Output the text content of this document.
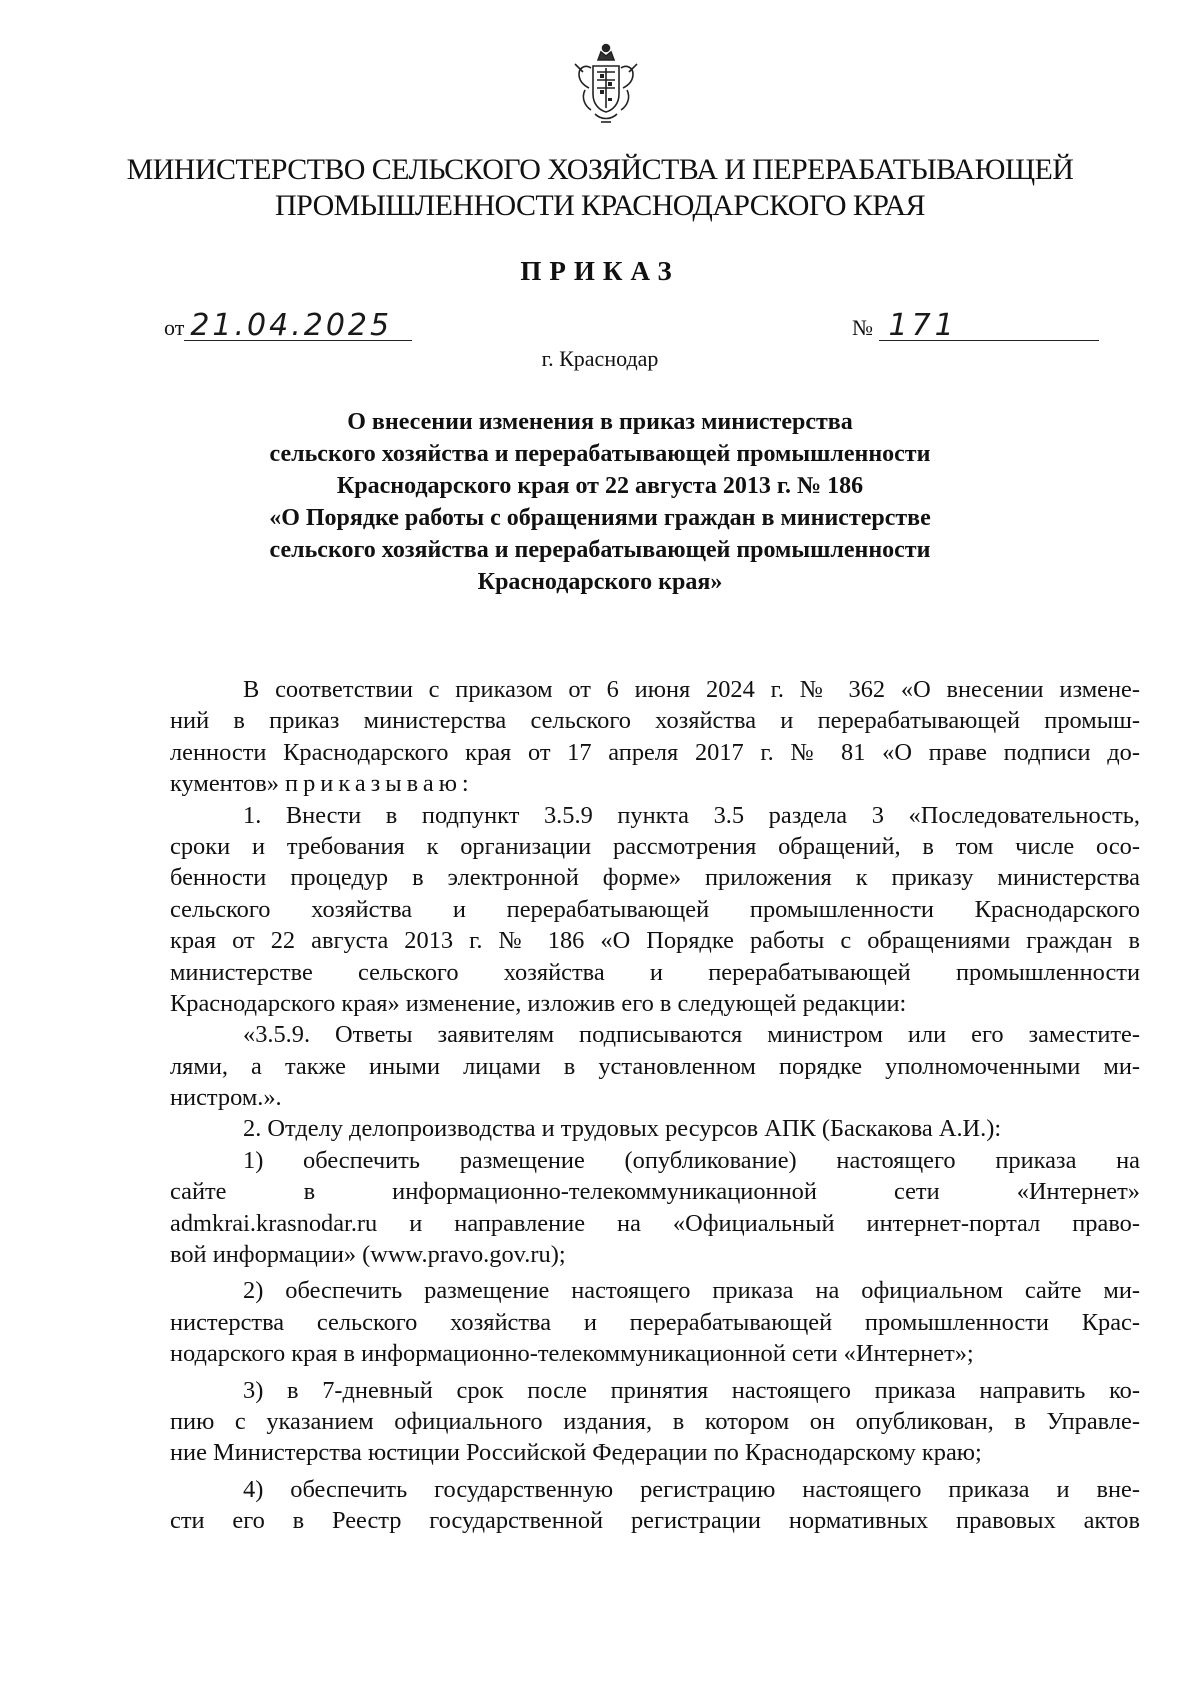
МИНИСТЕРСТВО СЕЛЬСКОГО ХОЗЯЙСТВА И ПЕРЕРАБАТЫВАЮЩЕЙ
ПРОМЫШЛЕННОСТИ КРАСНОДАРСКОГО КРАЯ
ПРИКАЗ
от 21.04.2025	№ 171
г. Краснодар
О внесении изменения в приказ министерства
сельского хозяйства и перерабатывающей промышленности
Краснодарского края от 22 августа 2013 г. № 186
«О Порядке работы с обращениями граждан в министерстве
сельского хозяйства и перерабатывающей промышленности
Краснодарского края»
В соответствии с приказом от 6 июня 2024 г. № 362 «О внесении измене-
ний в приказ министерства сельского хозяйства и перерабатывающей промыш-
ленности Краснодарского края от 17 апреля 2017 г. № 81 «О праве подписи до-
кументов» приказываю:
1. Внести в подпункт 3.5.9 пункта 3.5 раздела 3 «Последовательность,
сроки и требования к организации рассмотрения обращений, в том числе осо-
бенности процедур в электронной форме» приложения к приказу министерства
сельского хозяйства и перерабатывающей промышленности Краснодарского
края от 22 августа 2013 г. № 186 «О Порядке работы с обращениями граждан в
министерстве сельского хозяйства и перерабатывающей промышленности
Краснодарского края» изменение, изложив его в следующей редакции:
«3.5.9. Ответы заявителям подписываются министром или его заместите-
лями, а также иными лицами в установленном порядке уполномоченными ми-
нистром.».
2. Отделу делопроизводства и трудовых ресурсов АПК (Баскакова А.И.):
1) обеспечить размещение (опубликование) настоящего приказа на
сайте в информационно-телекоммуникационной сети «Интернет»
admkrai.krasnodar.ru и направление на «Официальный интернет-портал право-
вой информации» (www.pravo.gov.ru);
2) обеспечить размещение настоящего приказа на официальном сайте ми-
нистерства сельского хозяйства и перерабатывающей промышленности Крас-
нодарского края в информационно-телекоммуникационной сети «Интернет»;
3) в 7-дневный срок после принятия настоящего приказа направить ко-
пию с указанием официального издания, в котором он опубликован, в Управле-
ние Министерства юстиции Российской Федерации по Краснодарскому краю;
4) обеспечить государственную регистрацию настоящего приказа и вне-
сти его в Реестр государственной регистрации нормативных правовых актов
